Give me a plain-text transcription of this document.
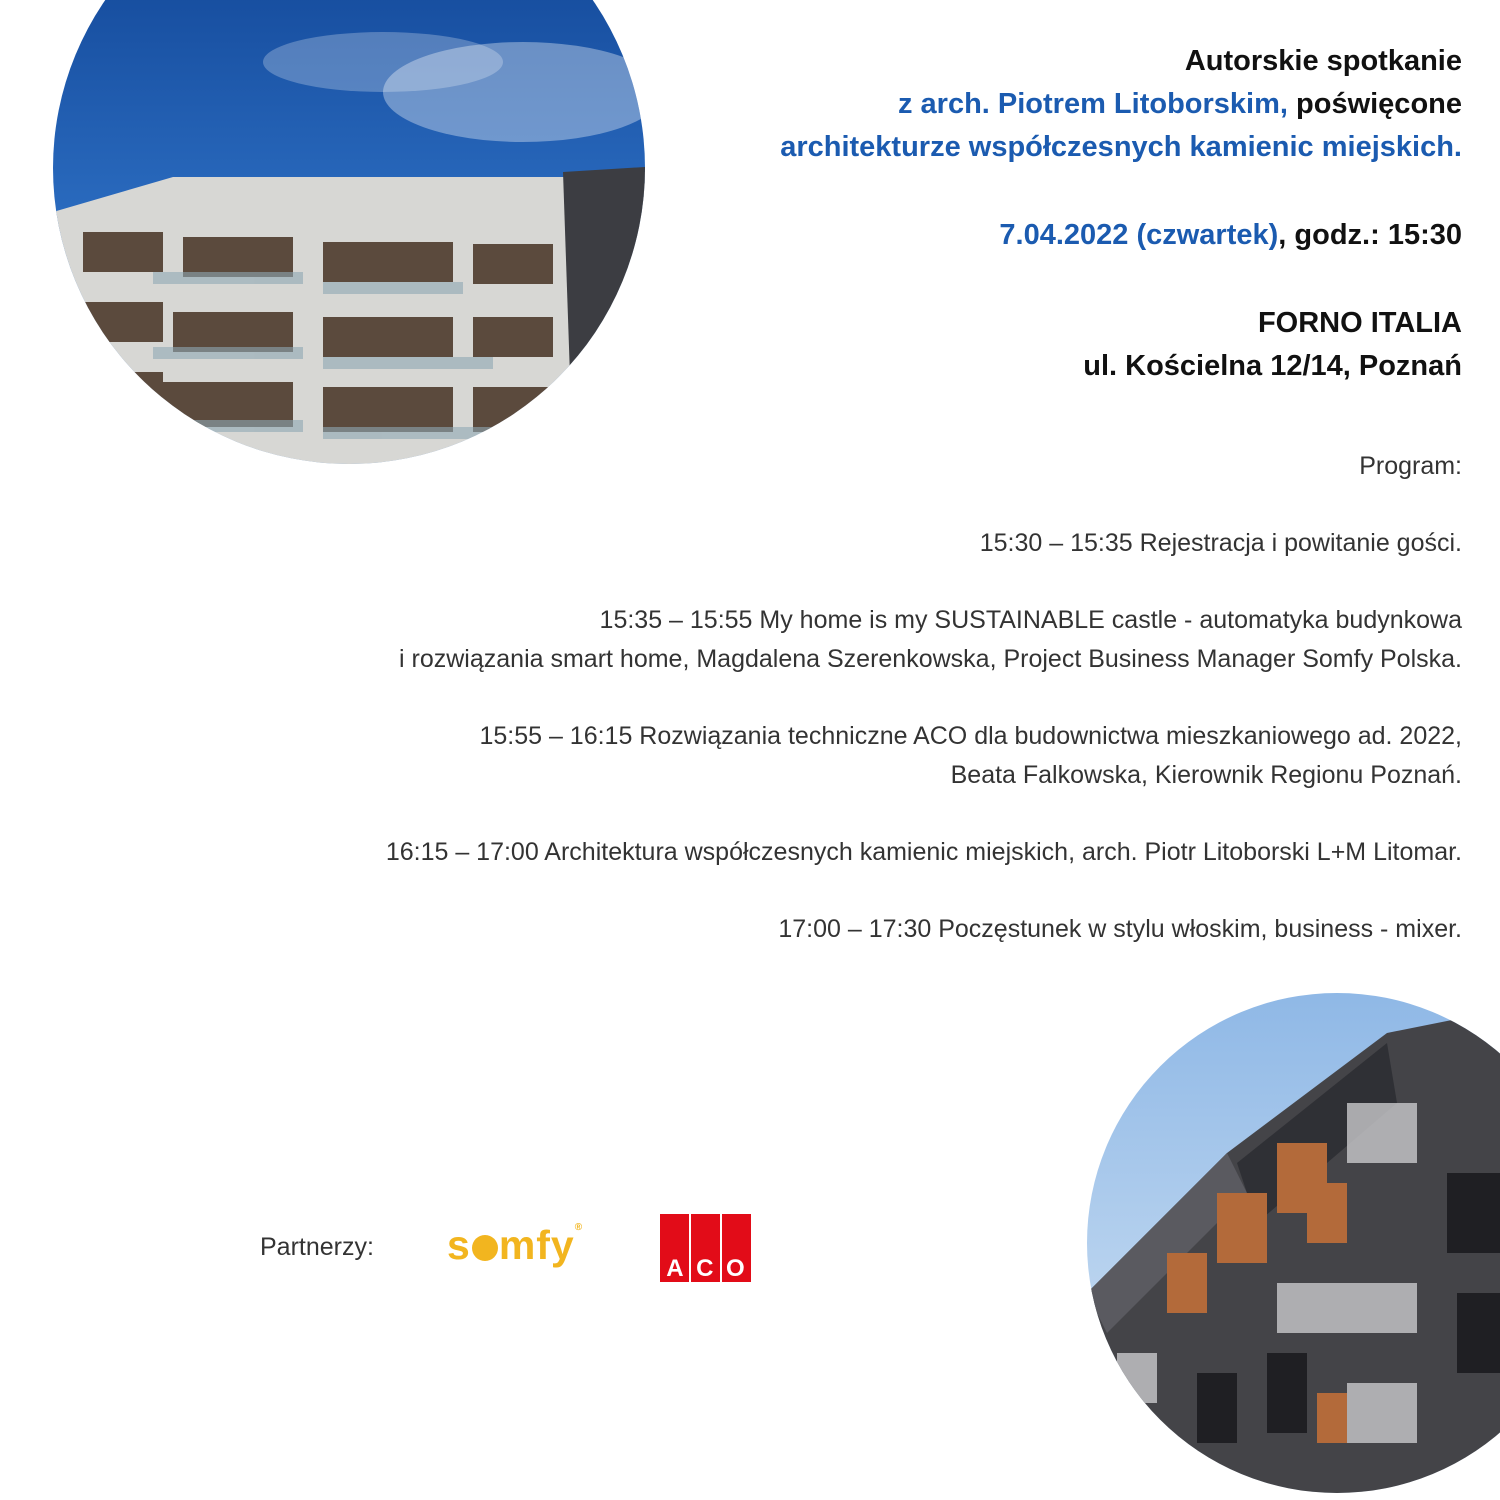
Autorskie spotkanie
z arch. Piotrem Litoborskim, poświęcone
architekturze współczesnych kamienic miejskich.
7.04.2022 (czwartek), godz.: 15:30
FORNO ITALIA
ul. Kościelna 12/14, Poznań

Program:

15:30 – 15:35 Rejestracja i powitanie gości.

15:35 – 15:55 My home is my SUSTAINABLE castle - automatyka budynkowa

i rozwiązania smart home, Magdalena Szerenkowska, Project Business Manager Somfy Polska.

15:55 – 16:15 Rozwiązania techniczne ACO dla budownictwa mieszkaniowego ad. 2022,

Beata Falkowska, Kierownik Regionu Poznań.

16:15 – 17:00 Architektura współczesnych kamienic miejskich, arch. Piotr Litoborski L+M Litomar.

17:00 – 17:30 Poczęstunek w stylu włoskim, business - mixer.

Partnerzy: s mfy®
A C O
